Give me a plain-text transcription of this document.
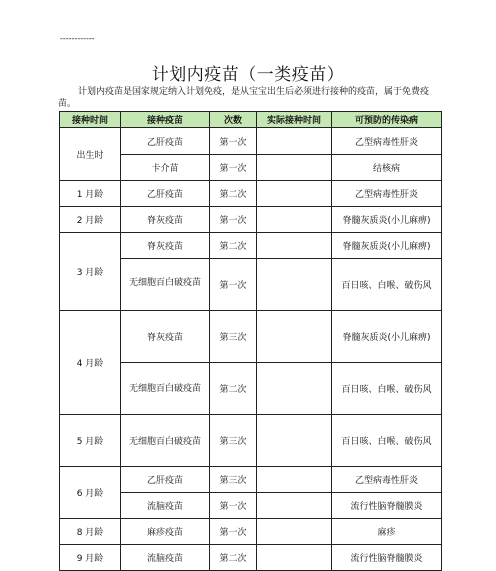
------------
计划内疫苗（一类疫苗）
计划内疫苗是国家规定纳入计划免疫，是从宝宝出生后必须进行接种的疫苗，属于免费疫苗。
接种时间	接种疫苗	次数	实际接种时间	可预防的传染病
出生时	乙肝疫苗	第一次		乙型病毒性肝炎
	卡介苗	第一次		结核病
1 月龄	乙肝疫苗	第二次		乙型病毒性肝炎
2 月龄	脊灰疫苗	第一次		脊髓灰质炎(小儿麻痹)
3 月龄	脊灰疫苗	第二次		脊髓灰质炎(小儿麻痹)
	无细胞百白破疫苗	第一次		百日咳、白喉、破伤风
4 月龄	脊灰疫苗	第三次		脊髓灰质炎(小儿麻痹)
	无细胞百白破疫苗	第二次		百日咳、白喉、破伤风
5 月龄	无细胞百白破疫苗	第三次		百日咳、白喉、破伤风
6 月龄	乙肝疫苗	第三次		乙型病毒性肝炎
	流脑疫苗	第一次		流行性脑脊髓膜炎
8 月龄	麻疹疫苗	第一次		麻疹
9 月龄	流脑疫苗	第二次		流行性脑脊髓膜炎
